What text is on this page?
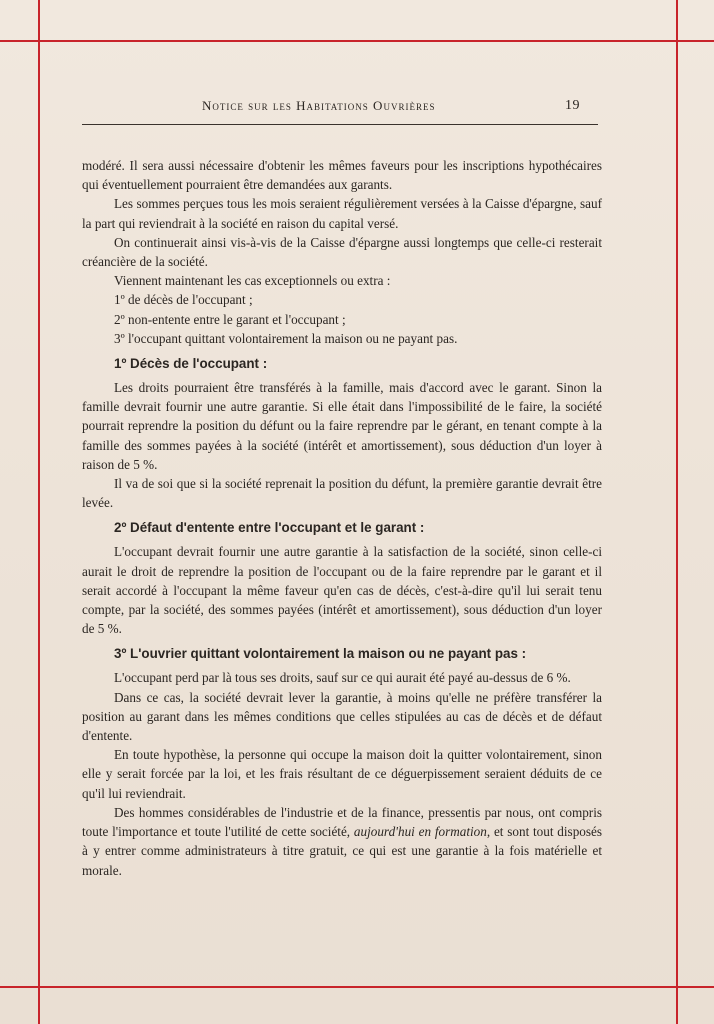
Notice sur les Habitations Ouvrières	19

modéré. Il sera aussi nécessaire d'obtenir les mêmes faveurs pour les inscriptions hypothécaires qui éventuellement pourraient être demandées aux garants.

Les sommes perçues tous les mois seraient régulièrement versées à la Caisse d'épargne, sauf la part qui reviendrait à la société en raison du capital versé.

On continuerait ainsi vis-à-vis de la Caisse d'épargne aussi longtemps que celle-ci resterait créancière de la société.

Viennent maintenant les cas exceptionnels ou extra :

1º de décès de l'occupant ;

2º non-entente entre le garant et l'occupant ;

3º l'occupant quittant volontairement la maison ou ne payant pas.

1º Décès de l'occupant :

Les droits pourraient être transférés à la famille, mais d'accord avec le garant. Sinon la famille devrait fournir une autre garantie. Si elle était dans l'impossibilité de le faire, la société pourrait reprendre la position du défunt ou la faire reprendre par le gérant, en tenant compte à la famille des sommes payées à la société (intérêt et amortissement), sous déduction d'un loyer à raison de 5 %.

Il va de soi que si la société reprenait la position du défunt, la première garantie devrait être levée.

2º Défaut d'entente entre l'occupant et le garant :

L'occupant devrait fournir une autre garantie à la satisfaction de la société, sinon celle-ci aurait le droit de reprendre la position de l'occupant ou de la faire reprendre par le garant et il serait accordé à l'occupant la même faveur qu'en cas de décès, c'est-à-dire qu'il lui serait tenu compte, par la société, des sommes payées (intérêt et amortissement), sous déduction d'un loyer de 5 %.

3º L'ouvrier quittant volontairement la maison ou ne payant pas :

L'occupant perd par là tous ses droits, sauf sur ce qui aurait été payé au-dessus de 6 %.

Dans ce cas, la société devrait lever la garantie, à moins qu'elle ne préfère transférer la position au garant dans les mêmes conditions que celles stipulées au cas de décès et de défaut d'entente.

En toute hypothèse, la personne qui occupe la maison doit la quitter volontairement, sinon elle y serait forcée par la loi, et les frais résultant de ce déguerpissement seraient déduits de ce qu'il lui reviendrait.

Des hommes considérables de l'industrie et de la finance, pressentis par nous, ont compris toute l'importance et toute l'utilité de cette société, aujourd'hui en formation, et sont tout disposés à y entrer comme administrateurs à titre gratuit, ce qui est une garantie à la fois matérielle et morale.
